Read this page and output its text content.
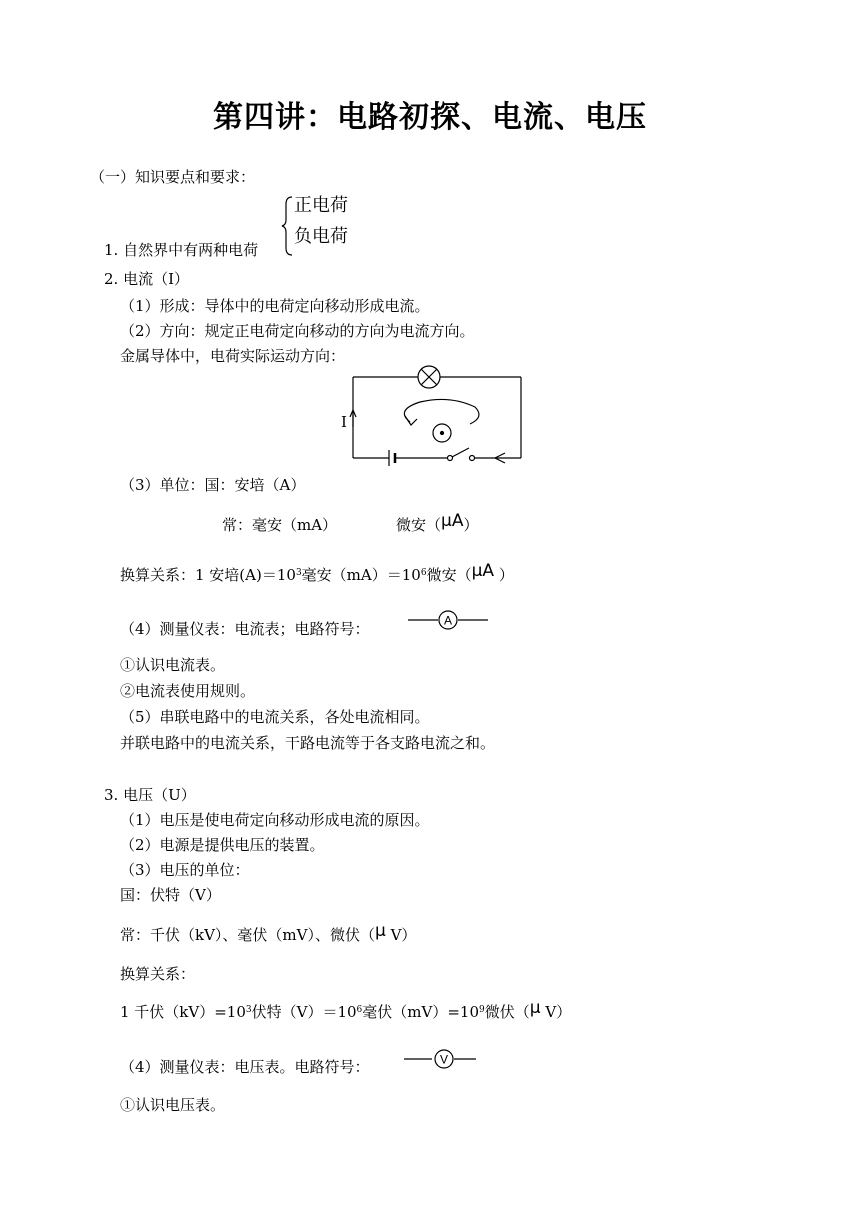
第四讲：电路初探、电流、电压
（一）知识要点和要求：
1. 自然界中有两种电荷
正电荷
负电荷
2. 电流（I）
（1）形成：导体中的电荷定向移动形成电流。
（2）方向：规定正电荷定向移动的方向为电流方向。
金属导体中，电荷实际运动方向：
I
（3）单位：国：安培（A）
常：毫安（mA）	微安（μA）
换算关系：1 安培$(A)=10^3$毫安$(mA)=10^6$微安（μA ）
（4）测量仪表：电流表；电路符号：	A
①认识电流表。
②电流表使用规则。
（5）串联电路中的电流关系，各处电流相同。
并联电路中的电流关系，干路电流等于各支路电流之和。
3. 电压（U）
（1）电压是使电荷定向移动形成电流的原因。
（2）电源是提供电压的装置。
（3）电压的单位：
国：伏特（V）
常：千伏（kV）、毫伏（mV）、微伏（μ V）
换算关系：
1 千伏$(kV)=10^3$伏特$(V)=10^6$毫伏$(mV)=10^9$微伏（μ V）
（4）测量仪表：电压表。电路符号：	V
①认识电压表。
